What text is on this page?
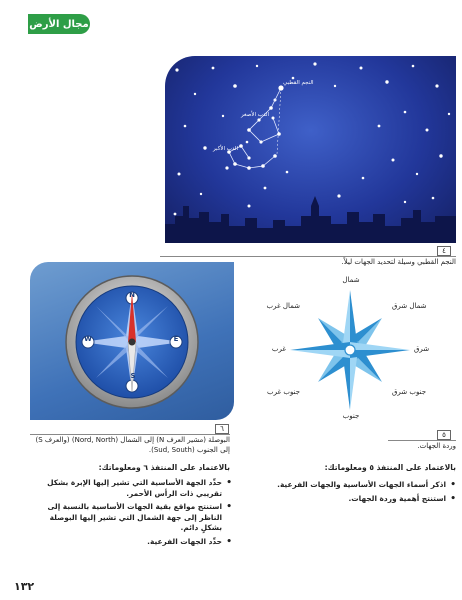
مجال الأرض
•
•
•
النجم القطبي
الدب الأصغر
الدب الأكبر
٤
النجم القطبي وسيلة لتحديد الجهات ليلاً.
S
N
E
W
٦
البوصلة (مشير العرف N) إلى الشمال (Nord, North) (والعرف S) إلى الجنوب (Sud, South).
شمال
جنوب
شرق
غرب
شمال شرق
شمال غرب
جنوب شرق
جنوب غرب
٥
وردة الجهات.
بالاعتماد على المنتفذ ٦ ومعلوماتك:
• حدِّد الجهة الأساسية التي تشير إليها الإبرة بشكل تقريبي ذات الرأس الأحمر.
• استنتج مواقع بقية الجهات الأساسية بالنسبة إلى الناظر إلى جهة الشمال التي تشير إليها البوصلة بشكلٍ دائم.
• حدِّد الجهات الفرعية.
بالاعتماد على المنتفذ ٥ ومعلوماتك:
• اذكر أسماء الجهات الأساسية والجهات الفرعية.
• استنتج أهمية وردة الجهات.
١٣٢
